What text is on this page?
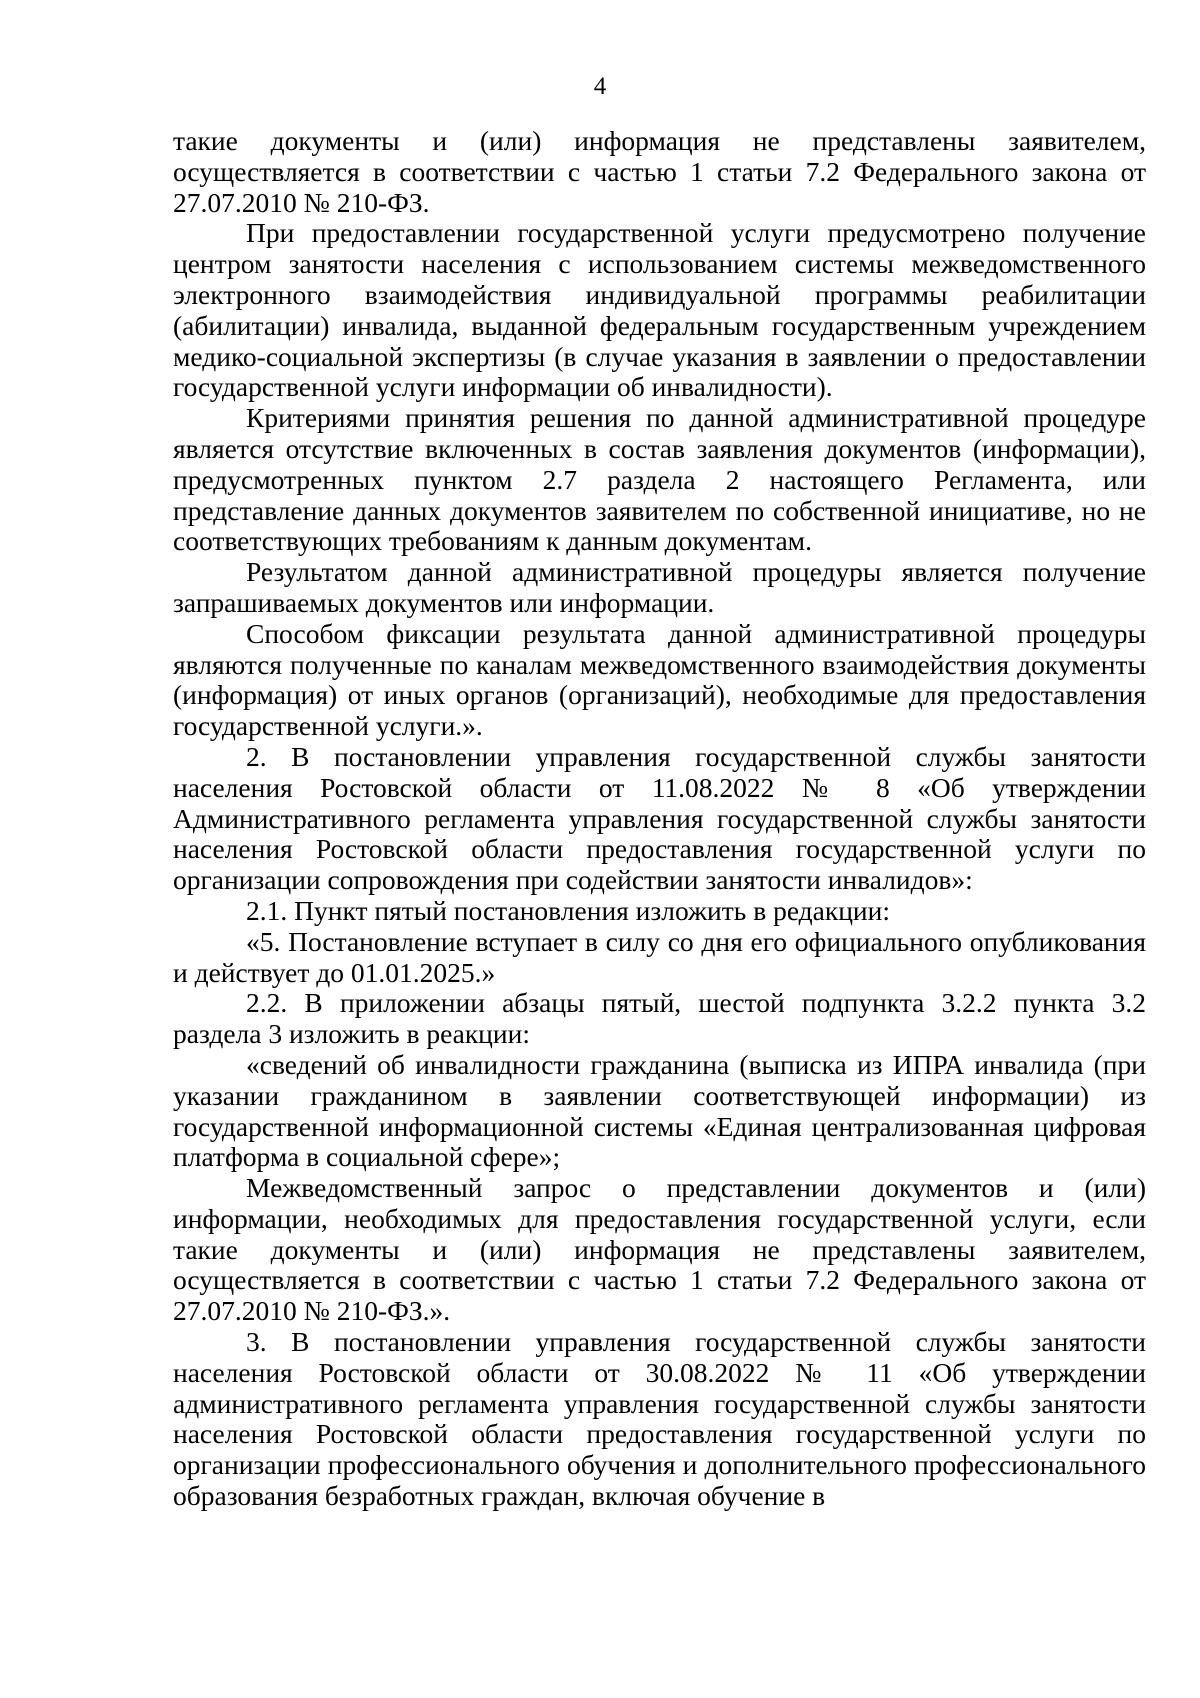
4

такие документы и (или) информация не представлены заявителем, осуществляется в соответствии с частью 1 статьи 7.2 Федерального закона от 27.07.2010 № 210-ФЗ.

При предоставлении государственной услуги предусмотрено получение центром занятости населения с использованием системы межведомственного электронного взаимодействия индивидуальной программы реабилитации (абилитации) инвалида, выданной федеральным государственным учреждением медико-социальной экспертизы (в случае указания в заявлении о предоставлении государственной услуги информации об инвалидности).

Критериями принятия решения по данной административной процедуре является отсутствие включенных в состав заявления документов (информации), предусмотренных пунктом 2.7 раздела 2 настоящего Регламента, или представление данных документов заявителем по собственной инициативе, но не соответствующих требованиям к данным документам.

Результатом данной административной процедуры является получение запрашиваемых документов или информации.

Способом фиксации результата данной административной процедуры являются полученные по каналам межведомственного взаимодействия документы (информация) от иных органов (организаций), необходимые для предоставления государственной услуги.».

2. В постановлении управления государственной службы занятости населения Ростовской области от 11.08.2022 № 8 «Об утверждении Административного регламента управления государственной службы занятости населения Ростовской области предоставления государственной услуги по организации сопровождения при содействии занятости инвалидов»:

2.1. Пункт пятый постановления изложить в редакции:

«5. Постановление вступает в силу со дня его официального опубликования и действует до 01.01.2025.»

2.2. В приложении абзацы пятый, шестой подпункта 3.2.2 пункта 3.2 раздела 3 изложить в реакции:

«сведений об инвалидности гражданина (выписка из ИПРА инвалида (при указании гражданином в заявлении соответствующей информации) из государственной информационной системы «Единая централизованная цифровая платформа в социальной сфере»;

Межведомственный запрос о представлении документов и (или) информации, необходимых для предоставления государственной услуги, если такие документы и (или) информация не представлены заявителем, осуществляется в соответствии с частью 1 статьи 7.2 Федерального закона от 27.07.2010 № 210-ФЗ.».

3. В постановлении управления государственной службы занятости населения Ростовской области от 30.08.2022 № 11 «Об утверждении административного регламента управления государственной службы занятости населения Ростовской области предоставления государственной услуги по организации профессионального обучения и дополнительного профессионального образования безработных граждан, включая обучение в
